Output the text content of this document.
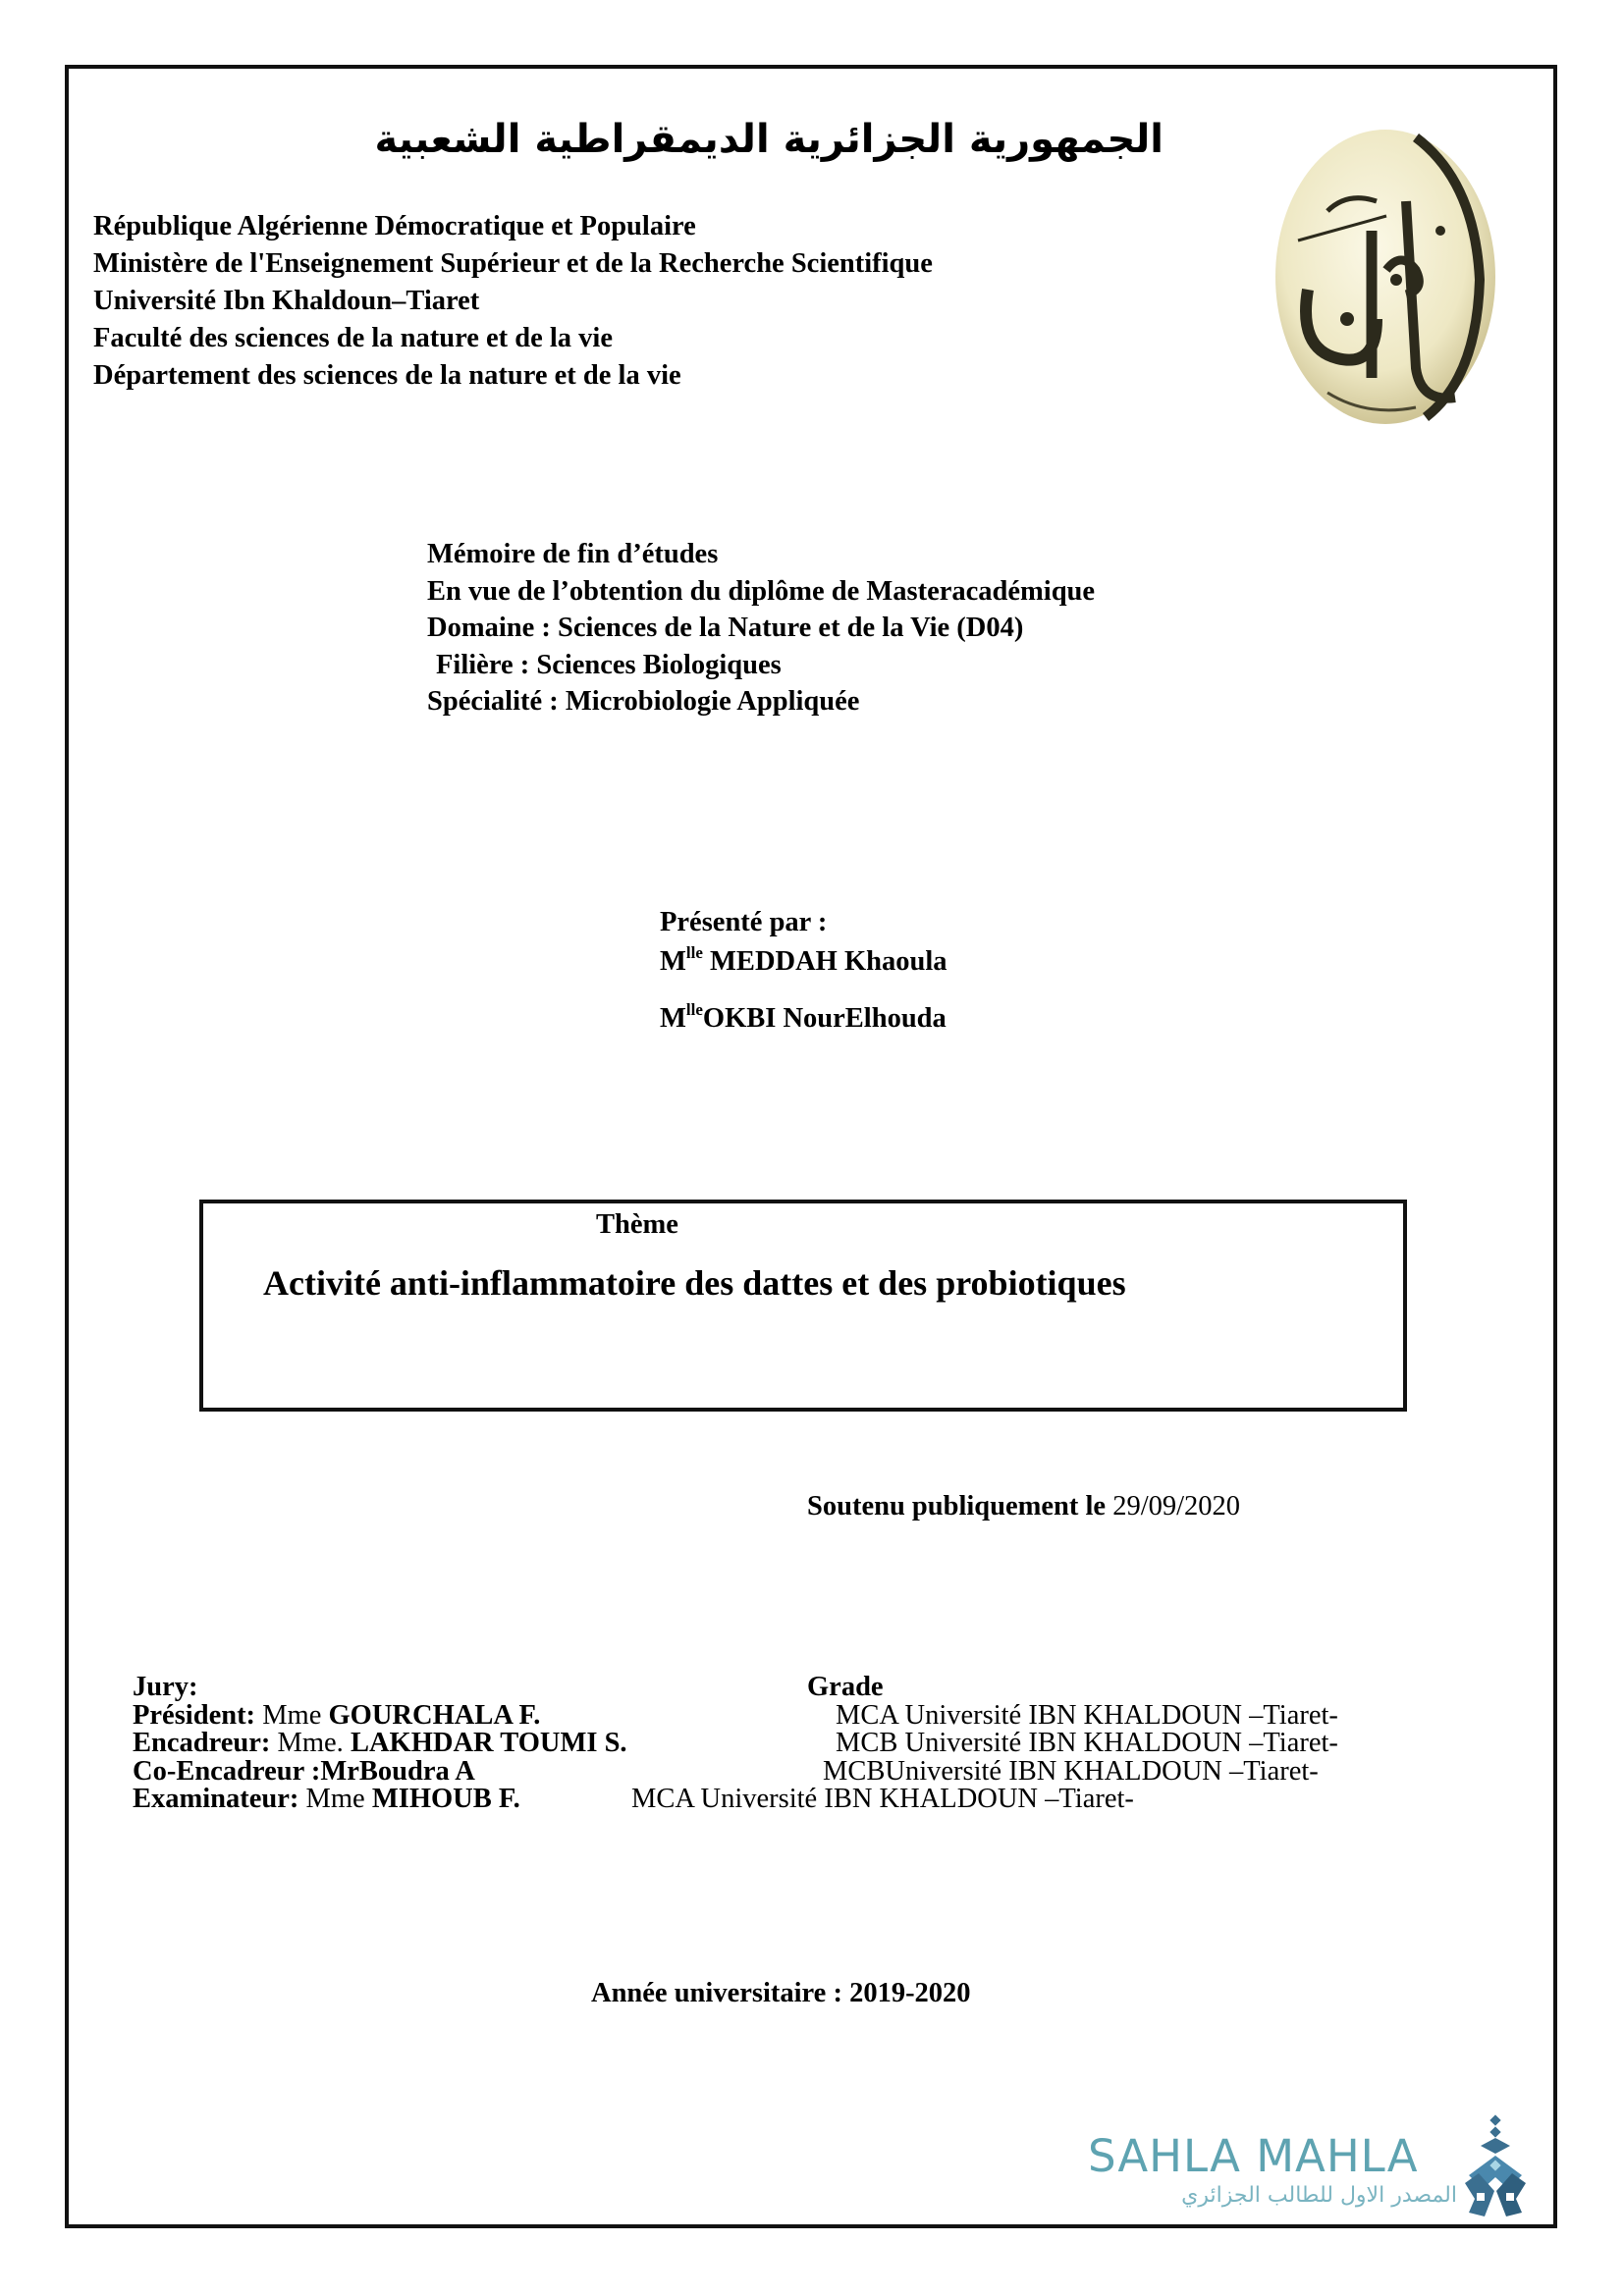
الجمهورية الجزائرية الديمقراطية الشعبية
République Algérienne Démocratique et Populaire
Ministère de l'Enseignement Supérieur et de la Recherche Scientifique
Université Ibn Khaldoun–Tiaret
Faculté des sciences de la nature et de la vie
Département des sciences de la nature et de la vie
Mémoire de fin d’études
En vue de l’obtention du diplôme de Masteracadémique
Domaine : Sciences de la Nature et de la Vie (D04)
Filière : Sciences Biologiques
Spécialité : Microbiologie Appliquée
Présenté par :
$M^{lle}$ MEDDAH Khaoula
$M^{lle}OKBI$ NourElhouda
Thème
Activité anti-inflammatoire des dattes et des probiotiques
Soutenu publiquement le 29/09/2020
Jury:	Grade
Président: Mme GOURCHALA F.	MCA Université IBN KHALDOUN –Tiaret-
Encadreur: Mme. LAKHDAR TOUMI S.	MCB Université IBN KHALDOUN –Tiaret-
Co-Encadreur :MrBoudra A	MCBUniversité IBN KHALDOUN –Tiaret-
Examinateur: Mme MIHOUB F.	MCA Université IBN KHALDOUN –Tiaret-
Année universitaire : 2019-2020
SAHLA MAHLA
المصدر الاول للطالب الجزائري
